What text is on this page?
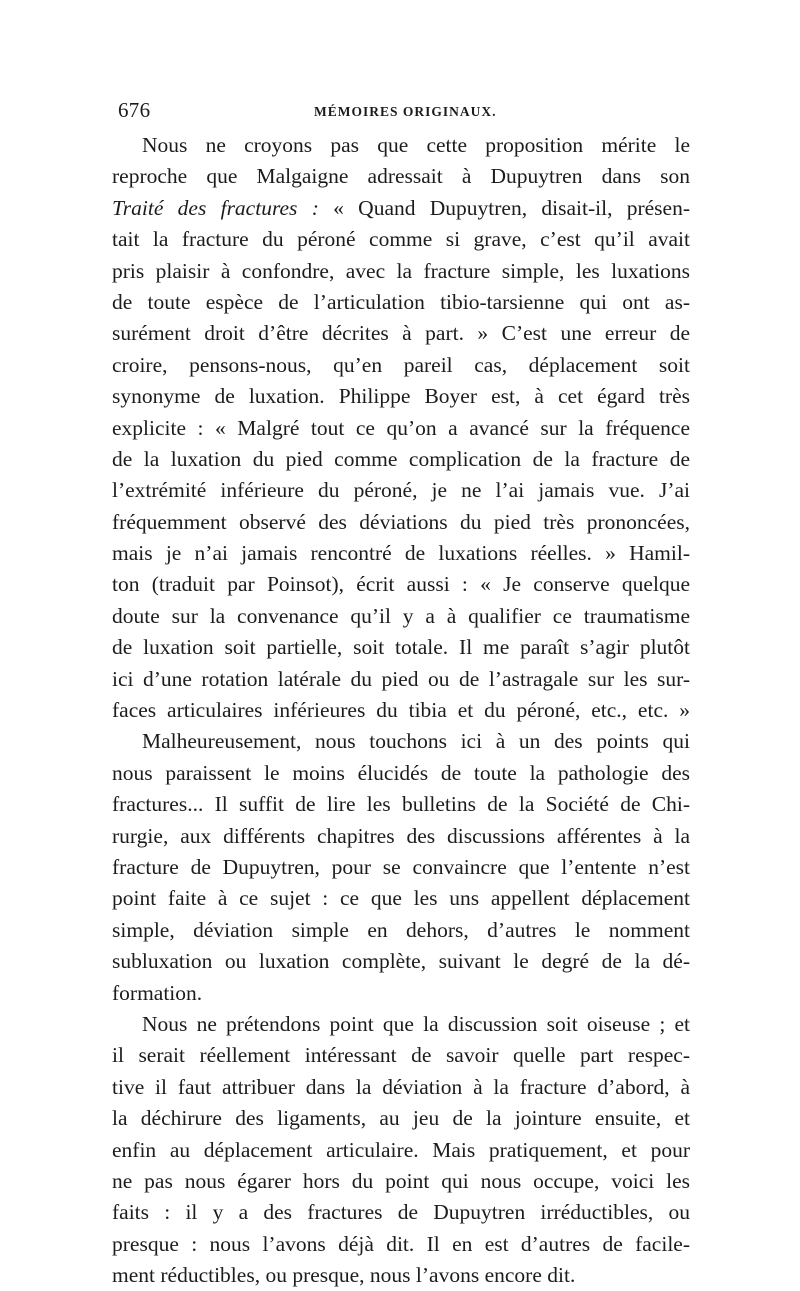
676	MÉMOIRES ORIGINAUX.
Nous ne croyons pas que cette proposition mérite le
reproche que Malgaigne adressait à Dupuytren dans son
Traité des fractures : « Quand Dupuytren, disait-il, présen-
tait la fracture du péroné comme si grave, c’est qu’il avait
pris plaisir à confondre, avec la fracture simple, les luxations
de toute espèce de l’articulation tibio-tarsienne qui ont as-
surément droit d’être décrites à part. » C’est une erreur de
croire, pensons-nous, qu’en pareil cas, déplacement soit
synonyme de luxation. Philippe Boyer est, à cet égard très
explicite : « Malgré tout ce qu’on a avancé sur la fréquence
de la luxation du pied comme complication de la fracture de
l’extrémité inférieure du péroné, je ne l’ai jamais vue. J’ai
fréquemment observé des déviations du pied très prononcées,
mais je n’ai jamais rencontré de luxations réelles. » Hamil-
ton (traduit par Poinsot), écrit aussi : « Je conserve quelque
doute sur la convenance qu’il y a à qualifier ce traumatisme
de luxation soit partielle, soit totale. Il me paraît s’agir plutôt
ici d’une rotation latérale du pied ou de l’astragale sur les sur-
faces articulaires inférieures du tibia et du péroné, etc., etc. »
Malheureusement, nous touchons ici à un des points qui
nous paraissent le moins élucidés de toute la pathologie des
fractures... Il suffit de lire les bulletins de la Société de Chi-
rurgie, aux différents chapitres des discussions afférentes à la
fracture de Dupuytren, pour se convaincre que l’entente n’est
point faite à ce sujet : ce que les uns appellent déplacement
simple, déviation simple en dehors, d’autres le nomment
subluxation ou luxation complète, suivant le degré de la dé-
formation.
Nous ne prétendons point que la discussion soit oiseuse ; et
il serait réellement intéressant de savoir quelle part respec-
tive il faut attribuer dans la déviation à la fracture d’abord, à
la déchirure des ligaments, au jeu de la jointure ensuite, et
enfin au déplacement articulaire. Mais pratiquement, et pour
ne pas nous égarer hors du point qui nous occupe, voici les
faits : il y a des fractures de Dupuytren irréductibles, ou
presque : nous l’avons déjà dit. Il en est d’autres de facile-
ment réductibles, ou presque, nous l’avons encore dit.
